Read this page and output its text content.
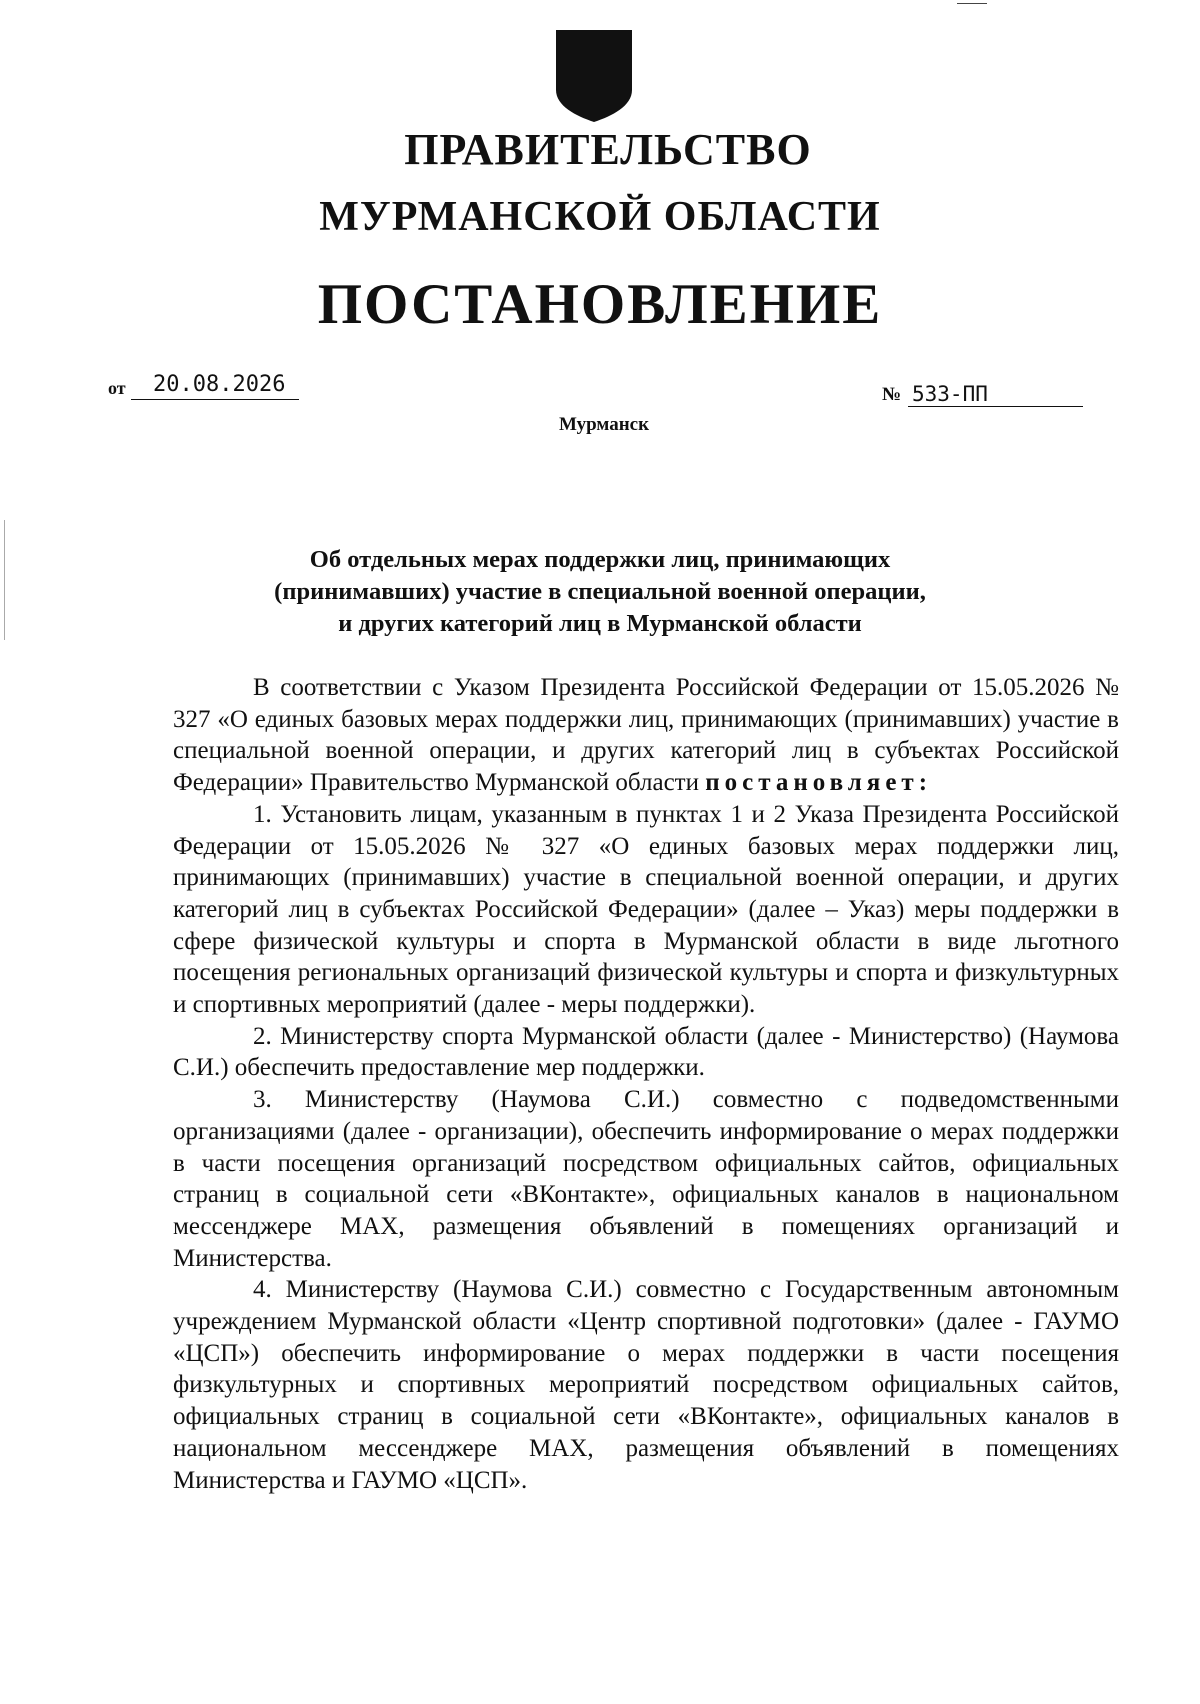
ПРАВИТЕЛЬСТВО
МУРМАНСКОЙ ОБЛАСТИ
ПОСТАНОВЛЕНИЕ
от	20.08.2026	№ 533-ПП
Мурманск
Об отдельных мерах поддержки лиц, принимающих
(принимавших) участие в специальной военной операции,
и других категорий лиц в Мурманской области

В соответствии с Указом Президента Российской Федерации от 15.05.2026 № 327 «О единых базовых мерах поддержки лиц, принимающих (принимавших) участие в специальной военной операции, и других категорий лиц в субъектах Российской Федерации» Правительство Мурманской области постановляет:

1. Установить лицам, указанным в пунктах 1 и 2 Указа Президента Российской Федерации от 15.05.2026 № 327 «О единых базовых мерах поддержки лиц, принимающих (принимавших) участие в специальной военной операции, и других категорий лиц в субъектах Российской Федерации» (далее – Указ) меры поддержки в сфере физической культуры и спорта в Мурманской области в виде льготного посещения региональных организаций физической культуры и спорта и физкультурных и спортивных мероприятий (далее - меры поддержки).

2. Министерству спорта Мурманской области (далее - Министерство) (Наумова С.И.) обеспечить предоставление мер поддержки.

3. Министерству (Наумова С.И.) совместно с подведомственными организациями (далее - организации), обеспечить информирование о мерах поддержки в части посещения организаций посредством официальных сайтов, официальных страниц в социальной сети «ВКонтакте», официальных каналов в национальном мессенджере МАХ, размещения объявлений в помещениях организаций и Министерства.

4. Министерству (Наумова С.И.) совместно с Государственным автономным учреждением Мурманской области «Центр спортивной подготовки» (далее - ГАУМО «ЦСП») обеспечить информирование о мерах поддержки в части посещения физкультурных и спортивных мероприятий посредством официальных сайтов, официальных страниц в социальной сети «ВКонтакте», официальных каналов в национальном мессенджере МАХ, размещения объявлений в помещениях Министерства и ГАУМО «ЦСП».
